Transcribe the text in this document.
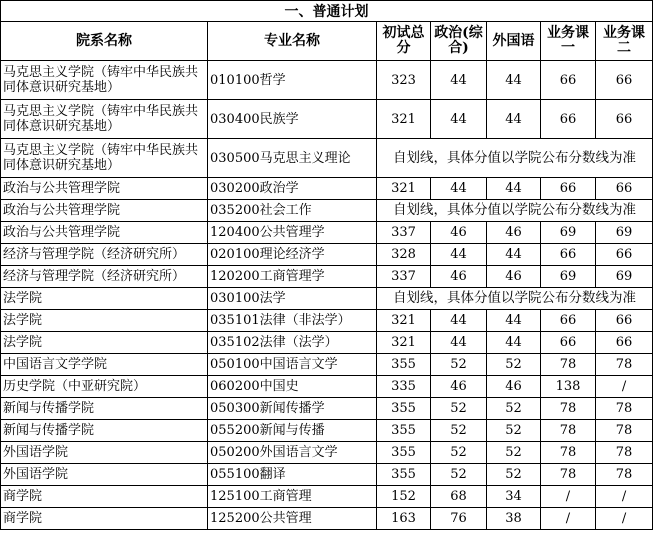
一、普通计划						
院系名称	专业名称	初试总分	政治(综合)	外国语	业务课一	业务课二
马克思主义学院（铸牢中华民族共同体意识研究基地）	010100哲学	323	44	44	66	66
马克思主义学院（铸牢中华民族共同体意识研究基地）	030400民族学	321	44	44	66	66
马克思主义学院（铸牢中华民族共同体意识研究基地）	030500马克思主义理论	自划线，具体分值以学院公布分数线为准				
政治与公共管理学院	030200政治学	321	44	44	66	66
政治与公共管理学院	035200社会工作	自划线，具体分值以学院公布分数线为准				
政治与公共管理学院	120400公共管理学	337	46	46	69	69
经济与管理学院（经济研究所）	020100理论经济学	328	44	44	66	66
经济与管理学院（经济研究所）	120200工商管理学	337	46	46	69	69
法学院	030100法学	自划线，具体分值以学院公布分数线为准				
法学院	035101法律（非法学）	321	44	44	66	66
法学院	035102法律（法学）	321	44	44	66	66
中国语言文学学院	050100中国语言文学	355	52	52	78	78
历史学院（中亚研究院）	060200中国史	335	46	46	138	/
新闻与传播学院	050300新闻传播学	355	52	52	78	78
新闻与传播学院	055200新闻与传播	355	52	52	78	78
外国语学院	050200外国语言文学	355	52	52	78	78
外国语学院	055100翻译	355	52	52	78	78
商学院	125100工商管理	152	68	34	/	/
商学院	125200公共管理	163	76	38	/	/
